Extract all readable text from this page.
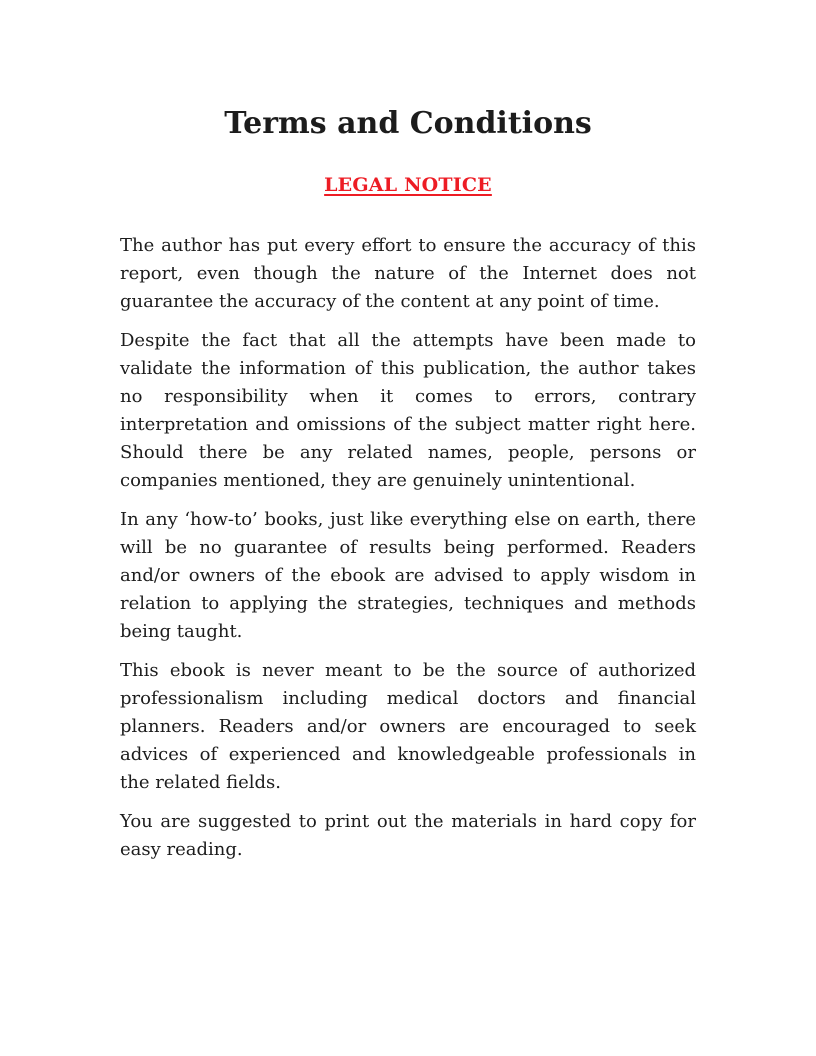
Terms and Conditions
LEGAL NOTICE

The author has put every effort to ensure the accuracy of this report, even though the nature of the Internet does not guarantee the accuracy of the content at any point of time.

Despite the fact that all the attempts have been made to validate the information of this publication, the author takes no responsibility when it comes to errors, contrary interpretation and omissions of the subject matter right here. Should there be any related names, people, persons or companies mentioned, they are genuinely unintentional.

In any ‘how-to’ books, just like everything else on earth, there will be no guarantee of results being performed. Readers and/or owners of the ebook are advised to apply wisdom in relation to applying the strategies, techniques and methods being taught.

This ebook is never meant to be the source of authorized professionalism including medical doctors and financial planners. Readers and/or owners are encouraged to seek advices of experienced and knowledgeable professionals in the related fields.

You are suggested to print out the materials in hard copy for easy reading.
